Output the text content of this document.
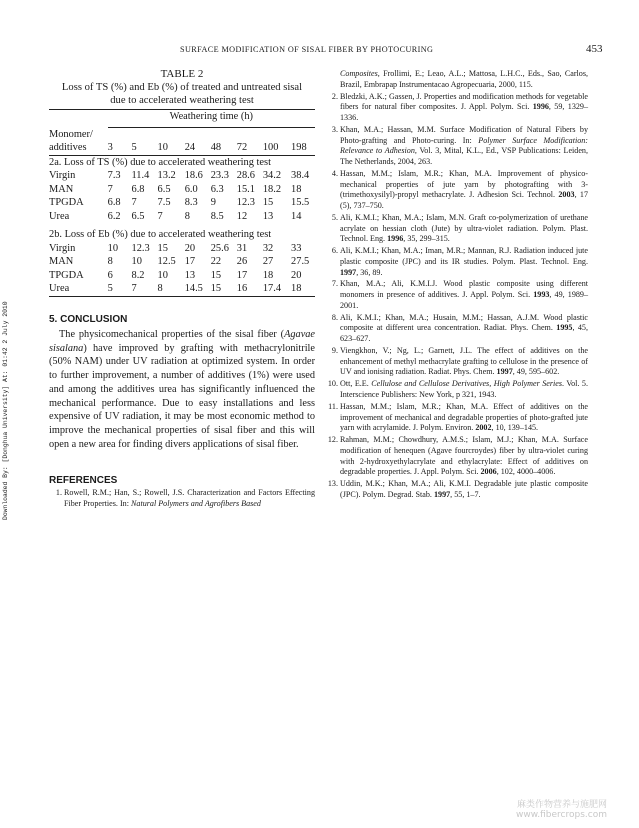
SURFACE MODIFICATION OF SISAL FIBER BY PHOTOCURING	453
Downloaded By: [Donghua University] At: 01:42 2 July 2010
TABLE 2
Loss of TS (%) and Eb (%) of treated and untreated sisal
due to accelerated weathering test
	Weathering time (h)							

Monomer/								
additives	3	5	10	24	48	72	100	198

2a. Loss of TS (%) due to accelerated weathering test								
Virgin	7.3	11.4	13.2	18.6	23.3	28.6	34.2	38.4
MAN	7	6.8	6.5	6.0	6.3	15.1	18.2	18
TPGDA	6.8	7	7.5	8.3	9	12.3	15	15.5
Urea	6.2	6.5	7	8	8.5	12	13	14
2b. Loss of Eb (%) due to accelerated weathering test								
Virgin	10	12.3	15	20	25.6	31	32	33
MAN	8	10	12.5	17	22	26	27	27.5
TPGDA	6	8.2	10	13	15	17	18	20
Urea	5	7	8	14.5	15	16	17.4	18

5. CONCLUSION

The physicomechanical properties of the sisal fiber (Agavae sisalana) have improved by grafting with methacrylonitrile (50% NAM) under UV radiation at optimized system. In order to further improvement, a number of additives (1%) were used and among the additives urea has significantly influenced the mechanical performance. Due to easy installations and less expensive of UV radiation, it may be most economic method to improve the mechanical properties of sisal fiber and this will open a new area for finding divers applications of sisal fiber.

REFERENCES
1. Rowell, R.M.; Han, S.; Rowell, J.S. Characterization and Factors Effecting Fiber Properties. In: Natural Polymers and Agrofibers Based
Composites, Frollimi, E.; Leao, A.L.; Mattosa, L.H.C., Eds., Sao, Carlos, Brazil, Embrapap Instrumentacao Agropecuaria, 2000, 115.
2. Bledzki, A.K.; Gassen, J. Properties and modification methods for vegetable fibers for natural fiber composites. J. Appl. Polym. Sci. 1996, 59, 1329–1336.
3. Khan, M.A.; Hassan, M.M. Surface Modification of Natural Fibers by Photo-grafting and Photo-curing. In: Polymer Surface Modification: Relevance to Adhesion, Vol. 3, Mital, K.L., Ed., VSP Publications: Leiden, The Netherlands, 2004, 263.
4. Hassan, M.M.; Islam, M.R.; Khan, M.A. Improvement of physico-mechanical properties of jute yarn by photografting with 3-(trimethoxysilyl)-propyl methacrylate. J. Adhesion Sci. Technol. 2003, 17 (5), 737–750.
5. Ali, K.M.I.; Khan, M.A.; Islam, M.N. Graft co-polymerization of urethane acrylate on hessian cloth (Jute) by ultra-violet radiation. Polym. Plast. Technol. Eng. 1996, 35, 299–315.
6. Ali, K.M.I.; Khan, M.A.; Iman, M.R.; Mannan, R.J. Radiation induced jute plastic composite (JPC) and its IR studies. Polym. Plast. Technol. Eng. 1997, 36, 89.
7. Khan, M.A.; Ali, K.M.I.J. Wood plastic composite using different monomers in presence of additives. J. Appl. Polym. Sci. 1993, 49, 1989–2001.
8. Ali, K.M.I.; Khan, M.A.; Husain, M.M.; Hassan, A.J.M. Wood plastic composite at different urea concentration. Radiat. Phys. Chem. 1995, 45, 623–627.
9. Viengkhon, V.; Ng, L.; Garnett, J.L. The effect of additives on the enhancement of methyl methacrylate grafting to cellulose in the presence of UV and ionising radiation. Radiat. Phys. Chem. 1997, 49, 595–602.
10. Ott, E.E. Cellulose and Cellulose Derivatives, High Polymer Series. Vol. 5. Interscience Publishers: New York, p 321, 1943.
11. Hassan, M.M.; Islam, M.R.; Khan, M.A. Effect of additives on the improvement of mechanical and degradable properties of photo-grafted jute yarn with acrylamide. J. Polym. Environ. 2002, 10, 139–145.
12. Rahman, M.M.; Chowdhury, A.M.S.; Islam, M.J.; Khan, M.A. Surface modification of henequen (Agave fourcroydes) fiber by ultra-violet curing with 2-hydroxyethylacrylate and ethylacrylate: Effect of additives on degradable properties. J. Appl. Polym. Sci. 2006, 102, 4000–4006.
13. Uddin, M.K.; Khan, M.A.; Ali, K.M.I. Degradable jute plastic composite (JPC). Polym. Degrad. Stab. 1997, 55, 1–7.
麻类作物营养与施肥网
www.fibercrops.com
